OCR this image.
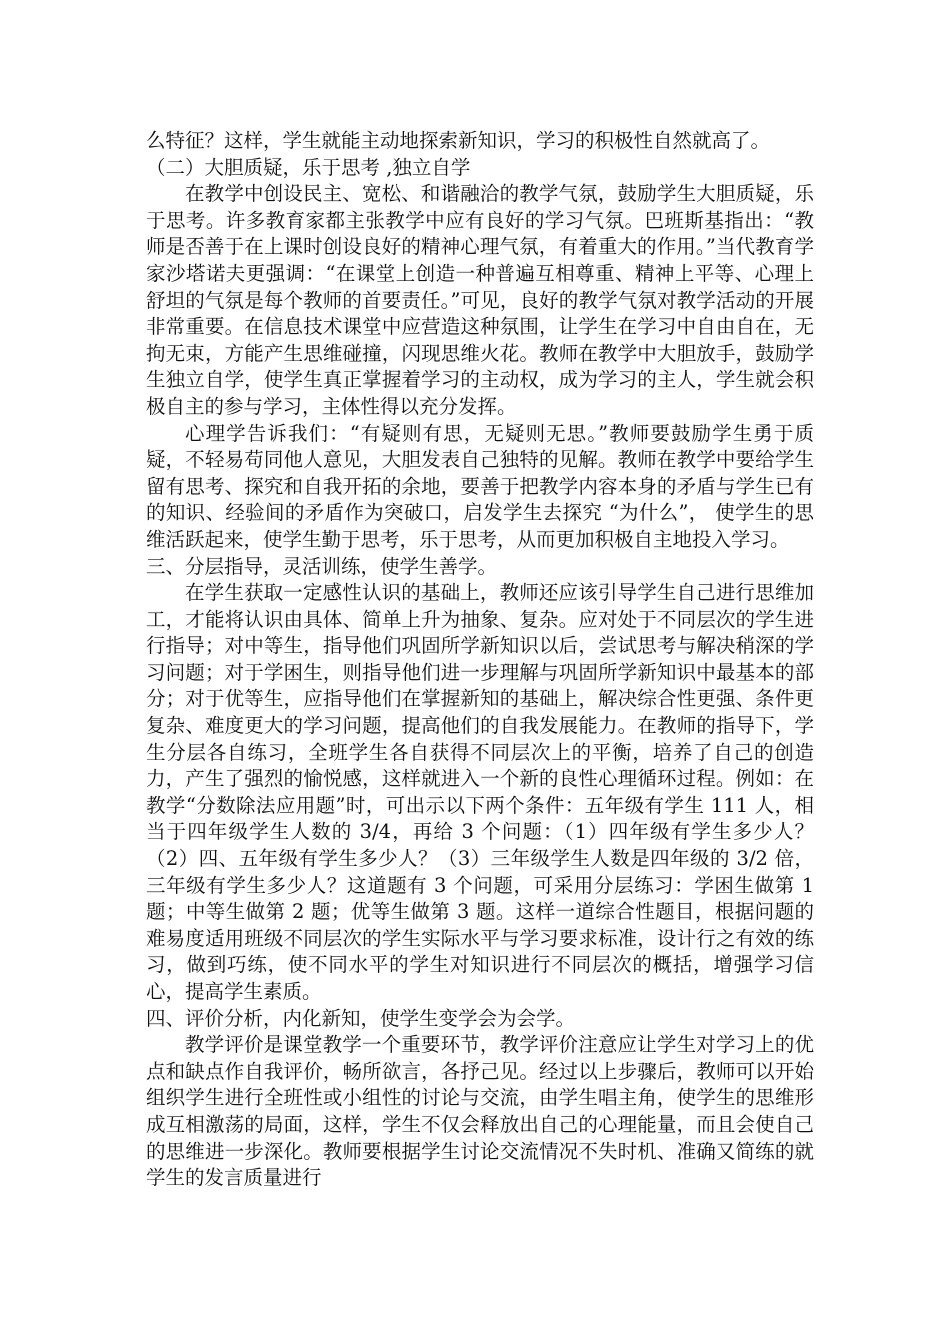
么特征？这样，学生就能主动地探索新知识，学习的积极性自然就高了。

（二）大胆质疑，乐于思考 ,独立自学

在教学中创设民主、宽松、和谐融洽的教学气氛，鼓励学生大胆质疑，乐于思考。许多教育家都主张教学中应有良好的学习气氛。巴班斯基指出：“教师是否善于在上课时创设良好的精神心理气氛，有着重大的作用。”当代教育学家沙塔诺夫更强调：“在课堂上创造一种普遍互相尊重、精神上平等、心理上舒坦的气氛是每个教师的首要责任。”可见，良好的教学气氛对教学活动的开展非常重要。在信息技术课堂中应营造这种氛围，让学生在学习中自由自在，无拘无束，方能产生思维碰撞，闪现思维火花。教师在教学中大胆放手，鼓励学生独立自学，使学生真正掌握着学习的主动权，成为学习的主人，学生就会积极自主的参与学习，主体性得以充分发挥。

心理学告诉我们：“有疑则有思，无疑则无思。”教师要鼓励学生勇于质疑，不轻易苟同他人意见，大胆发表自己独特的见解。教师在教学中要给学生留有思考、探究和自我开拓的余地，要善于把教学内容本身的矛盾与学生已有的知识、经验间的矛盾作为突破口，启发学生去探究 “为什么”， 使学生的思维活跃起来，使学生勤于思考，乐于思考，从而更加积极自主地投入学习。

三、分层指导，灵活训练，使学生善学。

在学生获取一定感性认识的基础上，教师还应该引导学生自己进行思维加工，才能将认识由具体、简单上升为抽象、复杂。应对处于不同层次的学生进行指导；对中等生，指导他们巩固所学新知识以后，尝试思考与解决稍深的学习问题；对于学困生，则指导他们进一步理解与巩固所学新知识中最基本的部分；对于优等生，应指导他们在掌握新知的基础上，解决综合性更强、条件更复杂、难度更大的学习问题，提高他们的自我发展能力。在教师的指导下，学生分层各自练习，全班学生各自获得不同层次上的平衡，培养了自己的创造力，产生了强烈的愉悦感，这样就进入一个新的良性心理循环过程。例如：在教学“分数除法应用题”时，可出示以下两个条件：五年级有学生 111 人，相当于四年级学生人数的 3/4，再给 3 个问题：（1）四年级有学生多少人？（2）四、五年级有学生多少人？（3）三年级学生人数是四年级的 3/2 倍，三年级有学生多少人？这道题有 3 个问题，可采用分层练习：学困生做第 1 题；中等生做第 2 题；优等生做第 3 题。这样一道综合性题目，根据问题的难易度适用班级不同层次的学生实际水平与学习要求标准，设计行之有效的练习，做到巧练，使不同水平的学生对知识进行不同层次的概括，增强学习信心，提高学生素质。

四、评价分析，内化新知，使学生变学会为会学。

教学评价是课堂教学一个重要环节，教学评价注意应让学生对学习上的优点和缺点作自我评价，畅所欲言，各抒己见。经过以上步骤后，教师可以开始组织学生进行全班性或小组性的讨论与交流，由学生唱主角，使学生的思维形成互相激荡的局面，这样，学生不仅会释放出自己的心理能量，而且会使自己的思维进一步深化。教师要根据学生讨论交流情况不失时机、准确又简练的就学生的发言质量进行
